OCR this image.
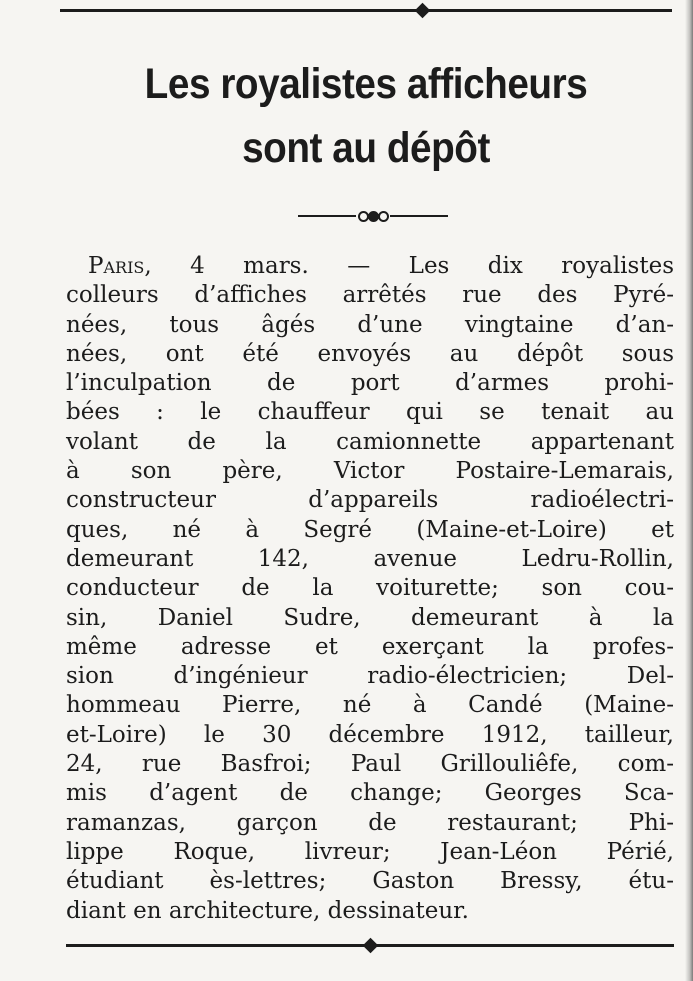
Les royalistes afficheurs
sont au dépôt
Paris, 4 mars. — Les dix royalistes
colleurs d’affiches arrêtés rue des Pyré-
nées, tous âgés d’une vingtaine d’an-
nées, ont été envoyés au dépôt sous
l’inculpation de port d’armes prohi-
bées : le chauffeur qui se tenait au
volant de la camionnette appartenant
à son père, Victor Postaire-Lemarais,
constructeur d’appareils radioélectri-
ques, né à Segré (Maine-et-Loire) et
demeurant 142, avenue Ledru-Rollin,
conducteur de la voiturette; son cou-
sin, Daniel Sudre, demeurant à la
même adresse et exerçant la profes-
sion d’ingénieur radio-électricien; Del-
hommeau Pierre, né à Candé (Maine-
et-Loire) le 30 décembre 1912, tailleur,
24, rue Basfroi; Paul Grillouliêfe, com-
mis d’agent de change; Georges Sca-
ramanzas, garçon de restaurant; Phi-
lippe Roque, livreur; Jean-Léon Périé,
étudiant ès-lettres; Gaston Bressy, étu-
diant en architecture, dessinateur.
